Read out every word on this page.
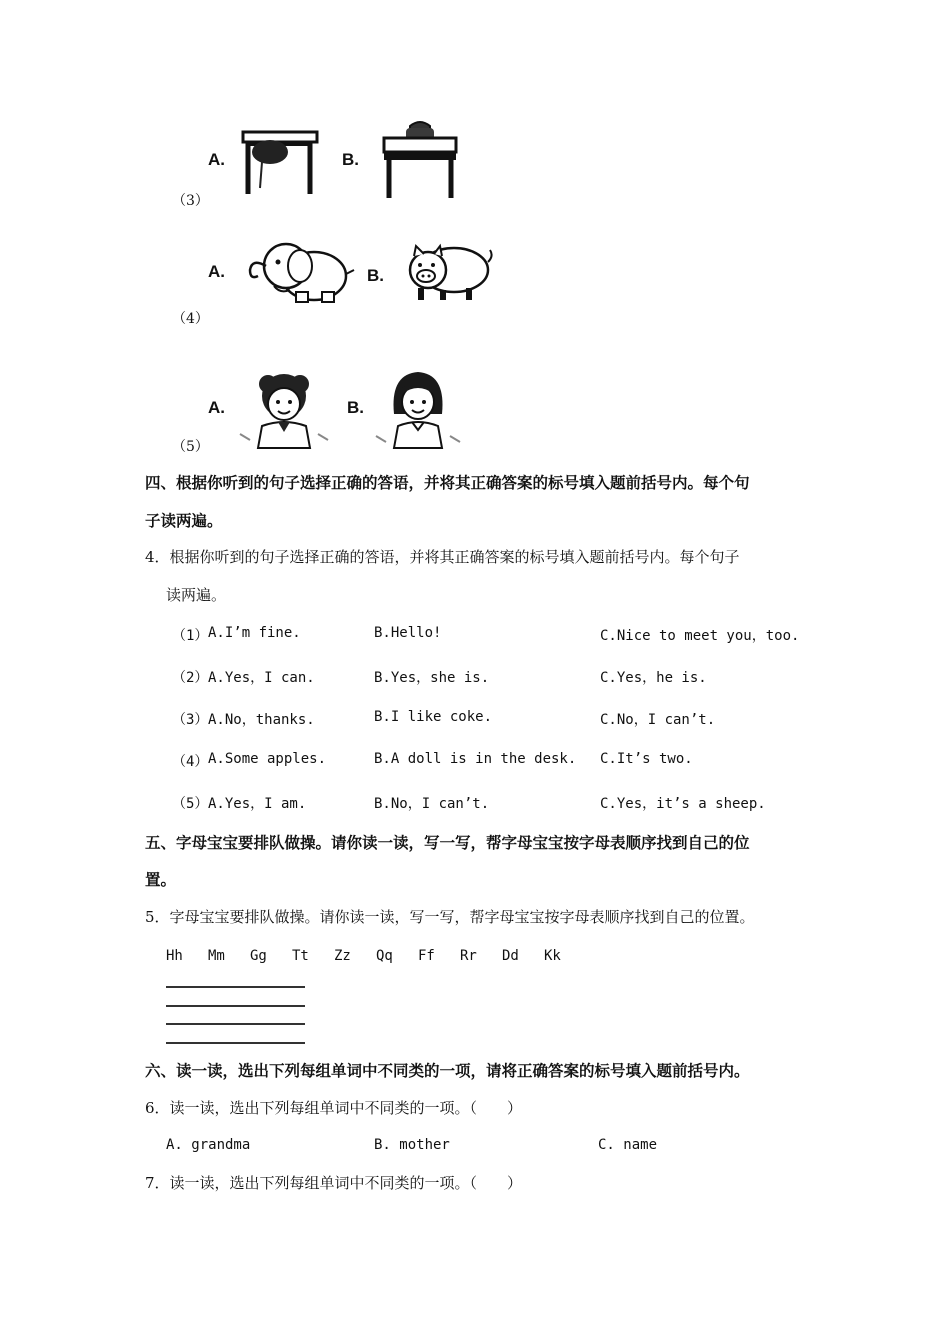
（3）
A.	B.
（4）
A.	B.
（5）
A.	B.
四、根据你听到的句子选择正确的答语，并将其正确答案的标号填入题前括号内。每个句
子读两遍。
4．根据你听到的句子选择正确的答语，并将其正确答案的标号填入题前括号内。每个句子
读两遍。
（1） A.I’m fine.	B.Hello!	C.Nice to meet you，too.
（2） A.Yes，I can.	B.Yes，she is.	C.Yes，he is.
（3） A.No，thanks.	B.I like coke.	C.No，I can’t.
（4） A.Some apples.	B.A doll is in the desk. C.It’s two.
（5） A.Yes，I am.	B.No，I can’t.	C.Yes，it’s a sheep.
五、字母宝宝要排队做操。请你读一读，写一写，帮字母宝宝按字母表顺序找到自己的位
置。
5．字母宝宝要排队做操。请你读一读，写一写，帮字母宝宝按字母表顺序找到自己的位置。
Hh Mm Gg Tt Zz Qq Ff Rr Dd Kk
六、读一读，选出下列每组单词中不同类的一项，请将正确答案的标号填入题前括号内。
6．读一读，选出下列每组单词中不同类的一项。（　　）
A. grandma	B. mother	C. name
7．读一读，选出下列每组单词中不同类的一项。（　　）
